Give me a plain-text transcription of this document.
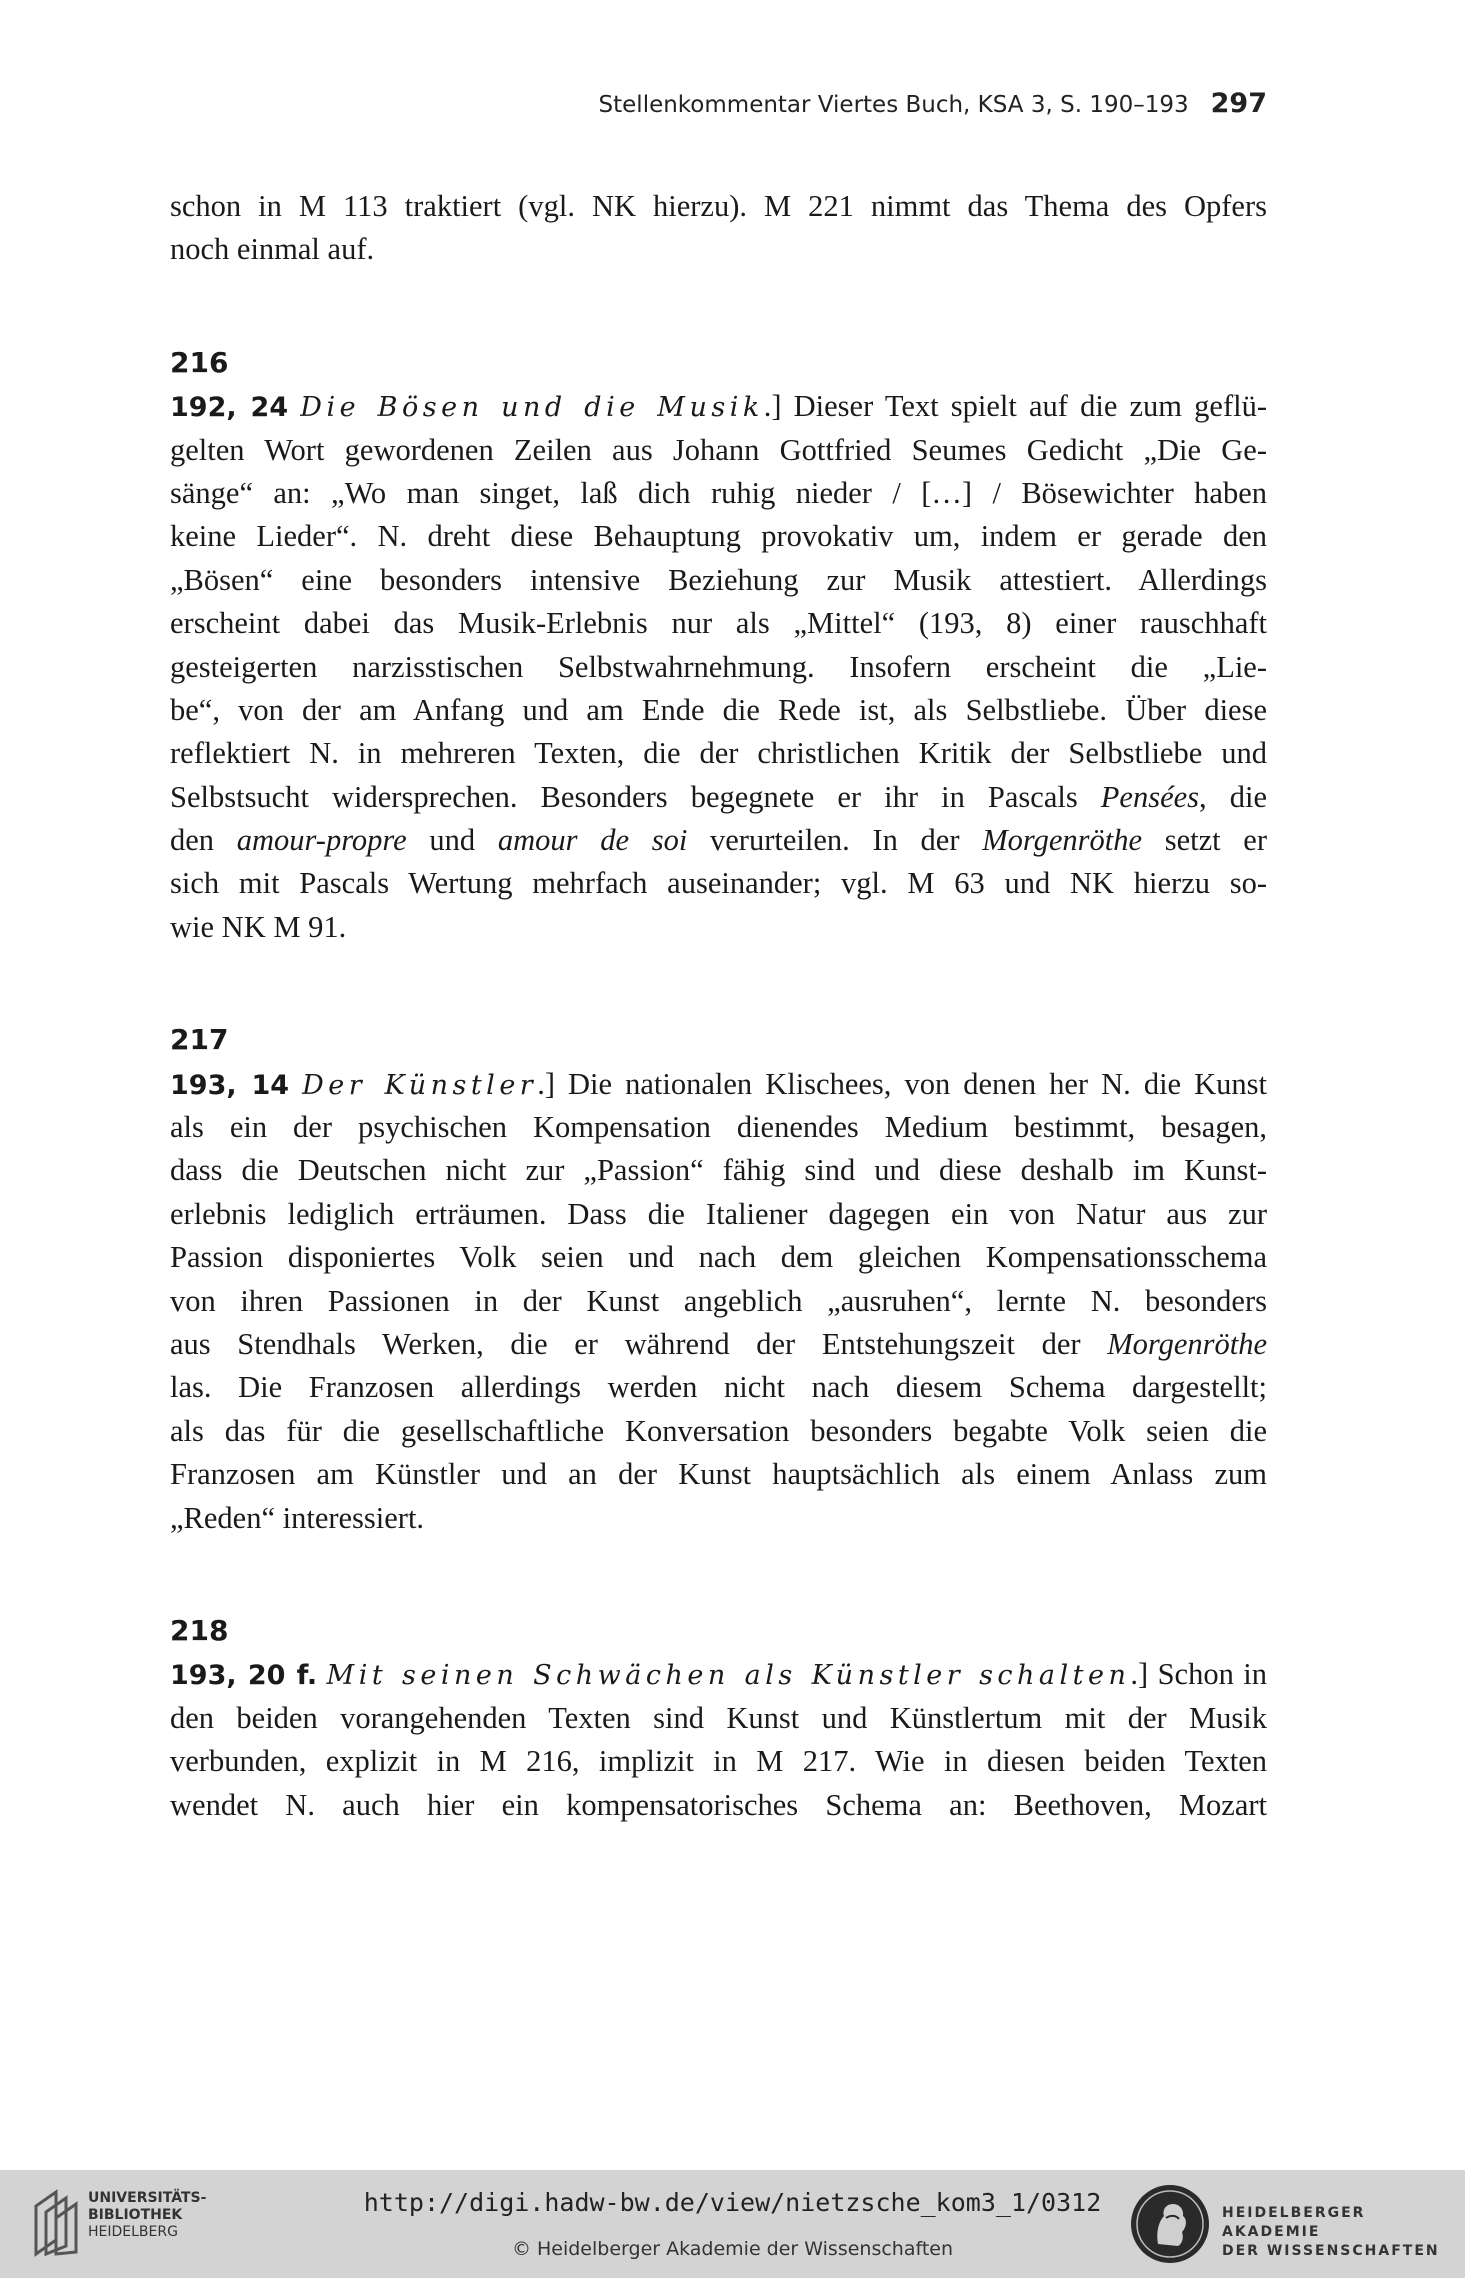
Stellenkommentar Viertes Buch, KSA 3, S. 190–193 297
schon in M 113 traktiert (vgl. NK hierzu). M 221 nimmt das Thema des Opfers
noch einmal auf.
216
192, 24 Die Bösen und die Musik.] Dieser Text spielt auf die zum geflü-
gelten Wort gewordenen Zeilen aus Johann Gottfried Seumes Gedicht „Die Ge-
sänge“ an: „Wo man singet, laß dich ruhig nieder / […] / Bösewichter haben
keine Lieder“. N. dreht diese Behauptung provokativ um, indem er gerade den
„Bösen“ eine besonders intensive Beziehung zur Musik attestiert. Allerdings
erscheint dabei das Musik-Erlebnis nur als „Mittel“ (193, 8) einer rauschhaft
gesteigerten narzisstischen Selbstwahrnehmung. Insofern erscheint die „Lie-
be“, von der am Anfang und am Ende die Rede ist, als Selbstliebe. Über diese
reflektiert N. in mehreren Texten, die der christlichen Kritik der Selbstliebe und
Selbstsucht widersprechen. Besonders begegnete er ihr in Pascals Pensées, die
den amour-propre und amour de soi verurteilen. In der Morgenröthe setzt er
sich mit Pascals Wertung mehrfach auseinander; vgl. M 63 und NK hierzu so-
wie NK M 91.
217
193, 14 Der Künstler.] Die nationalen Klischees, von denen her N. die Kunst
als ein der psychischen Kompensation dienendes Medium bestimmt, besagen,
dass die Deutschen nicht zur „Passion“ fähig sind und diese deshalb im Kunst-
erlebnis lediglich erträumen. Dass die Italiener dagegen ein von Natur aus zur
Passion disponiertes Volk seien und nach dem gleichen Kompensationsschema
von ihren Passionen in der Kunst angeblich „ausruhen“, lernte N. besonders
aus Stendhals Werken, die er während der Entstehungszeit der Morgenröthe
las. Die Franzosen allerdings werden nicht nach diesem Schema dargestellt;
als das für die gesellschaftliche Konversation besonders begabte Volk seien die
Franzosen am Künstler und an der Kunst hauptsächlich als einem Anlass zum
„Reden“ interessiert.
218
193, 20 f. Mit seinen Schwächen als Künstler schalten.] Schon in
den beiden vorangehenden Texten sind Kunst und Künstlertum mit der Musik
verbunden, explizit in M 216, implizit in M 217. Wie in diesen beiden Texten
wendet N. auch hier ein kompensatorisches Schema an: Beethoven, Mozart
UNIVERSITÄTS-
BIBLIOTHEK
HEIDELBERG
http://digi.hadw-bw.de/view/nietzsche_kom3_1/0312
© Heidelberger Akademie der Wissenschaften
HEIDELBERGER AKADEMIE
DER WISSENSCHAFTEN
